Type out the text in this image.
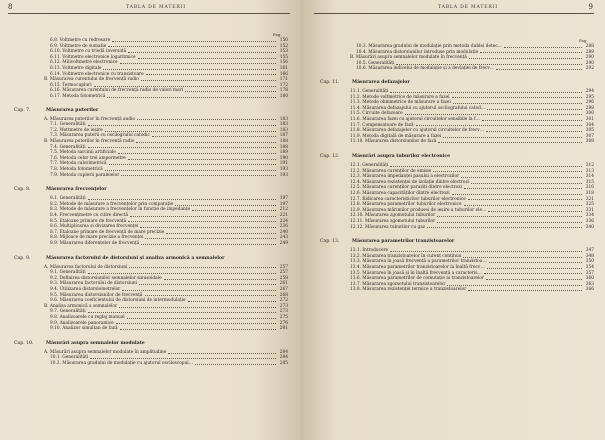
8	TABLA DE MATERII
Pag.
6.8. Voltmetre cu redresare	150
6.9. Voltmetre de sumatie	152
6.10. Voltmetre cu triodă inversată	153
6.11. Voltmetre electronice logaritmice	155
6.12. Milivoltmetre electronice	156
6.13. Voltmetre digitale	161
6.14. Voltmetre electronice cu tranzistoare	166
B. Măsurarea curentului de frecvență radio	171
6.15. Termocupluri	172
6.16. Măsurarea curentului de frecvență radio de valori mari	178
6.17. Metoda fotometrică	180
Cap. 7.	Măsurarea puterilor
A. Măsurarea puterilor în frecvență audio	183
7.1. Generalități	183
7.2. Wattmetre de ieșire	183
7.3. Măsurarea puterii cu oscilograful catodic	187
B. Măsurarea puterilor în frecvență radio	188
7.4. Generalități	188
7.5. Metoda sarcinii artificiale	189
7.6. Metoda celor trei ampermetre	190
7.7. Metoda calorimetrică	191
7.8. Metoda fotometrică	193
7.9. Metoda cuplerii paralelelor	193
Cap. 8.	Măsurarea frecvenţelor
8.1. Generalități	197
8.2. Metode de măsurare a frecvențelor prin comparație	197
8.3. Metode de măsurare a frecvențelor în funcție de impedanțe	212
8.4. Frecvențmetre cu citire directă	221
8.5. Etaloane primare de frecvență	224
8.6. Multiplicarea și divizarea frecvenței	236
8.7. Etaloane primare de frecvență de mare precizie	240
8.8. Mijloace de mare precizie a frecvenței	243
8.9. Măsurarea diferențelor de frecvență	249
Cap. 9.	Măsurarea factorului de distorsiuni și analiza armonică a semnalelor
A. Măsurarea factorului de distorsiuni	257
9.1. Generalități	257
9.2. Definirea distorsiunilor semnalelor sinusoidale	258
9.3. Măsurarea factorului de distorsiuni	261
9.4. Utilizarea distorsiometrelor	267
9.5. Măsurarea distorsiunilor de frecvență	268
9.6. Măsurarea coeficientului de distorsiuni de intermodulație	272
B. Analiza armonică a semnalelor	273
9.7. Generalități	273
9.8. Analizoarele cu reglaj manual	275
9.9. Analizoarele panoramice	276
9.10. Analizor simultan de fază	281
Cap. 10.	Măsurări asupra semnalelor modulate
A. Măsurări asupra semnalelor modulate în amplitudine	284
10.1. Generalități	284
10.2. Măsurarea gradului de modulație cu ajutorul osciloscopul…	285
9
TABLA DE MATERII
Pag.
10.3. Măsurarea gradului de modulație prin metoda dublei detec…	288
10.4. Măsurarea distorsiunilor introduse prin modulație	289
B. Măsurări asupra semnalelor modulate în frecvență	290
10.5. Generalități	290
10.6. Măsurarea indicelui de modulație și a deviației de frecv…	292
Cap. 11.	Măsurarea defazajelor
11.1. Generalități	294
11.2. Metode voltmetrice de măsurare a fazei	295
11.3. Metode ohmmetrice de măsurare a fazei	296
11.4. Măsurarea defazajului cu ajutorul oscilografului catod…	298
11.5. Circuite defazoare	300
11.6. Măsurarea fazei cu ajutorul circuitelor sensibile la f…	301
11.7. Compensatoare de fază	304
11.8. Măsurarea defazajelor cu ajutorul circuitelor de frecv…	305
11.9. Metoda digitală de măsurare a fazei	307
11.10. Măsurarea distorsiunilor de fază	308
Cap. 12.	Măsurări asupra tuburilor electronice
12.1. Generalități	312
12.2. Măsurarea curenților de emisie	313
12.3. Măsurarea impedanței pasului a electrozilor	314
12.4. Măsurarea rezistenței de izolație dintre electrozi	315
12.5. Măsurarea curenților paraziți dintre electrozi	316
12.6. Măsurarea capacităților dintre electrozi	318
12.7. Ridicarea caracteristicilor tuburilor electronice	321
12.8. Măsurarea parametrilor tuburilor electronice	325
12.9. Măsurarea mărimilor produsei de ieșire a tuburilor ele…	331
12.10. Măsurarea zgomotului tuburilor	334
12.11. Măsurarea zgomotului tuburilor	336
12.12. Măsurarea tuburilor cu gaz	340
Cap. 13.	Măsurarea parametrilor tranzistoarelor
13.1. Introducere	347
13.2. Măsurarea tranzistoarelor în curent continuu	348
13.3. Măsurarea în joasă frecvență a parametrilor tranzistoa…	350
13.4. Măsurarea parametrilor tranzistoarelor la înaltă frecv…	354
13.5. Măsurarea în joasă și în înaltă frecvență a caracteris…	357
13.6. Măsurarea parametrilor de comutație ai tranzistoarelor	360
13.7. Măsurarea zgomotului tranzistoarelor	363
13.8. Măsurarea rezistenței termice a tranzistoarelor	366
